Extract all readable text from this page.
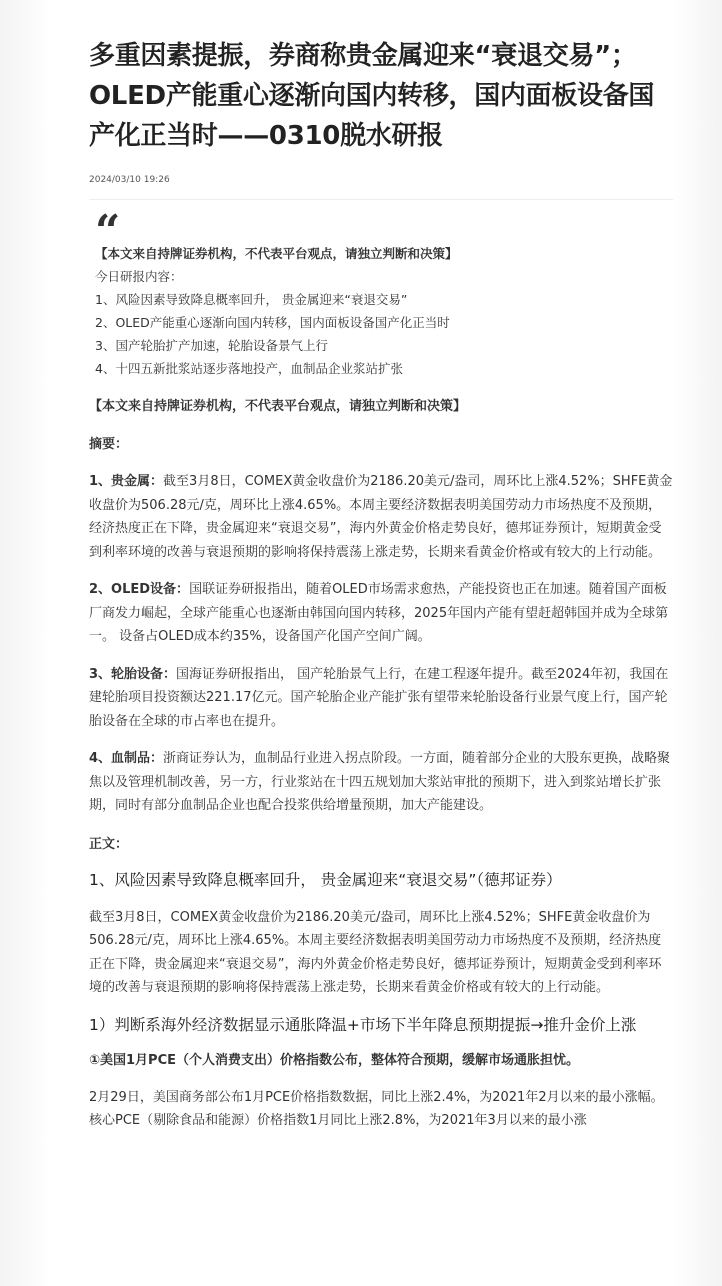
多重因素提振，券商称贵金属迎来“衰退交易”；OLED产能重心逐渐向国内转移，国内面板设备国产化正当时——0310脱水研报
2024/03/10 19:26
“
【本文来自持牌证券机构，不代表平台观点，请独立判断和决策】
今日研报内容：
1、风险因素导致降息概率回升， 贵金属迎来“衰退交易”
2、OLED产能重心逐渐向国内转移，国内面板设备国产化正当时
3、国产轮胎扩产加速，轮胎设备景气上行
4、十四五新批浆站逐步落地投产，血制品企业浆站扩张
【本文来自持牌证券机构，不代表平台观点，请独立判断和决策】
摘要：
1、贵金属：截至3月8日，COMEX黄金收盘价为2186.20美元/盎司，周环比上涨4.52%；SHFE黄金收盘价为506.28元/克，周环比上涨4.65%。本周主要经济数据表明美国劳动力市场热度不及预期，经济热度正在下降，贵金属迎来“衰退交易”，海内外黄金价格走势良好，德邦证券预计，短期黄金受到利率环境的改善与衰退预期的影响将保持震荡上涨走势，长期来看黄金价格或有较大的上行动能。
2、OLED设备：国联证券研报指出，随着OLED市场需求愈热，产能投资也正在加速。随着国产面板厂商发力崛起，全球产能重心也逐渐由韩国向国内转移，2025年国内产能有望赶超韩国并成为全球第一。 设备占OLED成本约35%，设备国产化国产空间广阔。
3、轮胎设备：国海证券研报指出， 国产轮胎景气上行，在建工程逐年提升。截至2024年初，我国在建轮胎项目投资额达221.17亿元。国产轮胎企业产能扩张有望带来轮胎设备行业景气度上行，国产轮胎设备在全球的市占率也在提升。
4、血制品：浙商证券认为，血制品行业进入拐点阶段。一方面，随着部分企业的大股东更换，战略聚焦以及管理机制改善，另一方，行业浆站在十四五规划加大浆站审批的预期下，进入到浆站增长扩张期，同时有部分血制品企业也配合投浆供给增量预期，加大产能建设。
正文：
1、风险因素导致降息概率回升， 贵金属迎来“衰退交易”（德邦证券）
截至3月8日，COMEX黄金收盘价为2186.20美元/盎司，周环比上涨4.52%；SHFE黄金收盘价为506.28元/克，周环比上涨4.65%。本周主要经济数据表明美国劳动力市场热度不及预期，经济热度正在下降，贵金属迎来“衰退交易”，海内外黄金价格走势良好，德邦证券预计，短期黄金受到利率环境的改善与衰退预期的影响将保持震荡上涨走势，长期来看黄金价格或有较大的上行动能。
1）判断系海外经济数据显示通胀降温+市场下半年降息预期提振→推升金价上涨
①美国1月PCE（个人消费支出）价格指数公布，整体符合预期，缓解市场通胀担忧。
2月29日，美国商务部公布1月PCE价格指数数据，同比上涨2.4%，为2021年2月以来的最小涨幅。核心PCE（剔除食品和能源）价格指数1月同比上涨2.8%，为2021年3月以来的最小涨
